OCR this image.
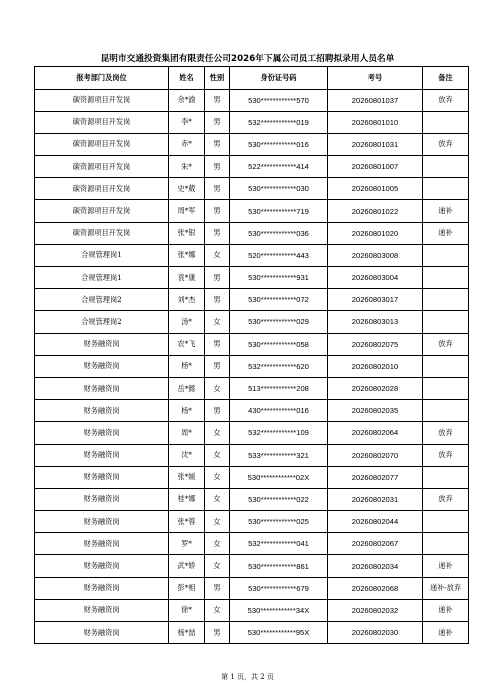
昆明市交通投资集团有限责任公司2026年下属公司员工招聘拟录用人员名单
报考部门及岗位	姓名	性别	身份证号码	考号	备注
碳资源项目开发岗	余*渝	男	530************570	20260801037	放弃
碳资源项目开发岗	李*	男	532************019	20260801010	
碳资源项目开发岗	赤*	男	530************016	20260801031	放弃
碳资源项目开发岗	朱*	男	522************414	20260801007	
碳资源项目开发岗	史*葳	男	530************030	20260801005	
碳资源项目开发岗	周*军	男	530************719	20260801022	递补
碳资源项目开发岗	张*银	男	530************036	20260801020	递补
合规管理岗1	张*娜	女	520************443	20260803008	
合规管理岗1	袁*康	男	530************931	20260803004	
合规管理岗2	刘*杰	男	530************072	20260803017	
合规管理岗2	汤*	女	530************029	20260803013	
财务融资岗	农*飞	男	530************058	20260802075	放弃
财务融资岗	杨*	男	532************620	20260802010	
财务融资岗	岳*懿	女	513************208	20260802028	
财务融资岗	杨*	男	430************016	20260802035	
财务融资岗	周*	女	532************109	20260802064	放弃
财务融资岗	沈*	女	533************321	20260802070	放弃
财务融资岗	张*媛	女	530************02X	20260802077	
财务融资岗	桂*娜	女	530************022	20260802031	放弃
财务融资岗	张*蓉	女	530************025	20260802044	
财务融资岗	罗*	女	532************041	20260802067	
财务融资岗	武*娇	女	530************861	20260802034	递补
财务融资岗	彭*相	男	530************679	20260802068	递补-放弃
财务融资岗	徐*	女	530************34X	20260802032	递补
财务融资岗	杨*喆	男	530************95X	20260802030	递补
第 1 页，共 2 页
